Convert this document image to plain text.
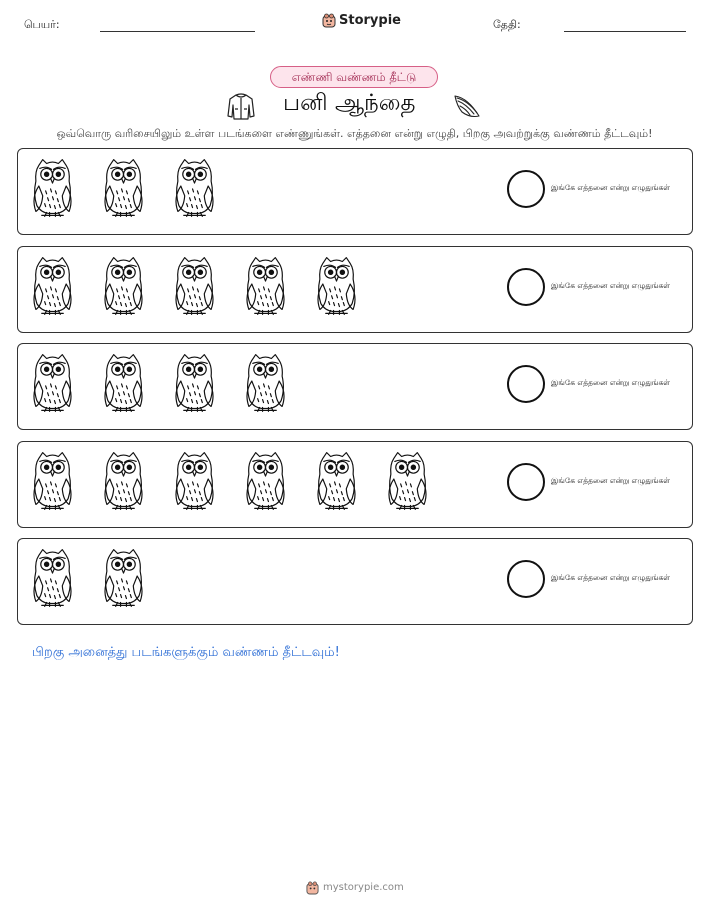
பெயர்:	Storypie	தேதி:
எண்ணி வண்ணம் தீட்டு
பனி ஆந்தை
ஒவ்வொரு வரிசையிலும் உள்ள படங்களை எண்ணுங்கள். எத்தனை என்று எழுதி, பிறகு அவற்றுக்கு வண்ணம் தீட்டவும்!
இங்கே எத்தனை என்று எழுதுங்கள்
இங்கே எத்தனை என்று எழுதுங்கள்
இங்கே எத்தனை என்று எழுதுங்கள்
இங்கே எத்தனை என்று எழுதுங்கள்
இங்கே எத்தனை என்று எழுதுங்கள்
பிறகு அனைத்து படங்களுக்கும் வண்ணம் தீட்டவும்!
mystorypie.com
